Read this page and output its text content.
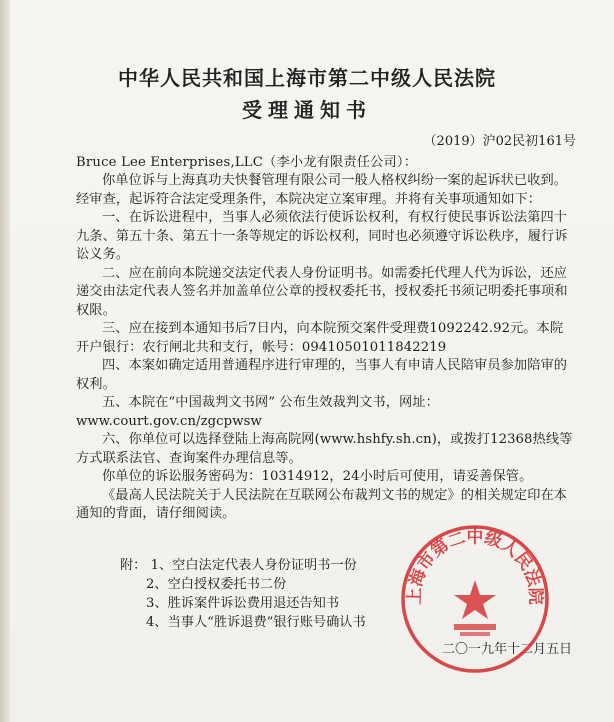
中华人民共和国上海市第二中级人民法院
受理通知书
（2019）沪02民初161号
Bruce Lee Enterprises,LLC（李小龙有限责任公司）：

你单位诉与上海真功夫快餐管理有限公司一般人格权纠纷一案的起诉状已收到。经审查，起诉符合法定受理条件，本院决定立案审理。并将有关事项通知如下：

一、在诉讼进程中，当事人必须依法行使诉讼权利，有权行使民事诉讼法第四十九条、第五十条、第五十一条等规定的诉讼权利，同时也必须遵守诉讼秩序，履行诉讼义务。

二、应在前向本院递交法定代表人身份证明书。如需委托代理人代为诉讼，还应递交由法定代表人签名并加盖单位公章的授权委托书，授权委托书须记明委托事项和权限。

三、应在接到本通知书后7日内，向本院预交案件受理费1092242.92元。本院开户银行：农行闸北共和支行，帐号：09410501011842219

四、本案如确定适用普通程序进行审理的，当事人有申请人民陪审员参加陪审的权利。

五、本院在“中国裁判文书网” 公布生效裁判文书，网址：www.court.gov.cn/zgcpwsw

六、你单位可以选择登陆上海高院网(www.hshfy.sh.cn)，或拨打12368热线等方式联系法官、查询案件办理信息等。

你单位的诉讼服务密码为：10314912，24小时后可使用，请妥善保管。

《最高人民法院关于人民法院在互联网公布裁判文书的规定》的相关规定印在本通知的背面，请仔细阅读。

附： 1、空白法定代表人身份证明书一份
2、空白授权委托书二份
3、胜诉案件诉讼费用退还告知书
4、当事人“胜诉退费”银行账号确认书
二〇一九年十二月五日
上海市第二中级人民法院
